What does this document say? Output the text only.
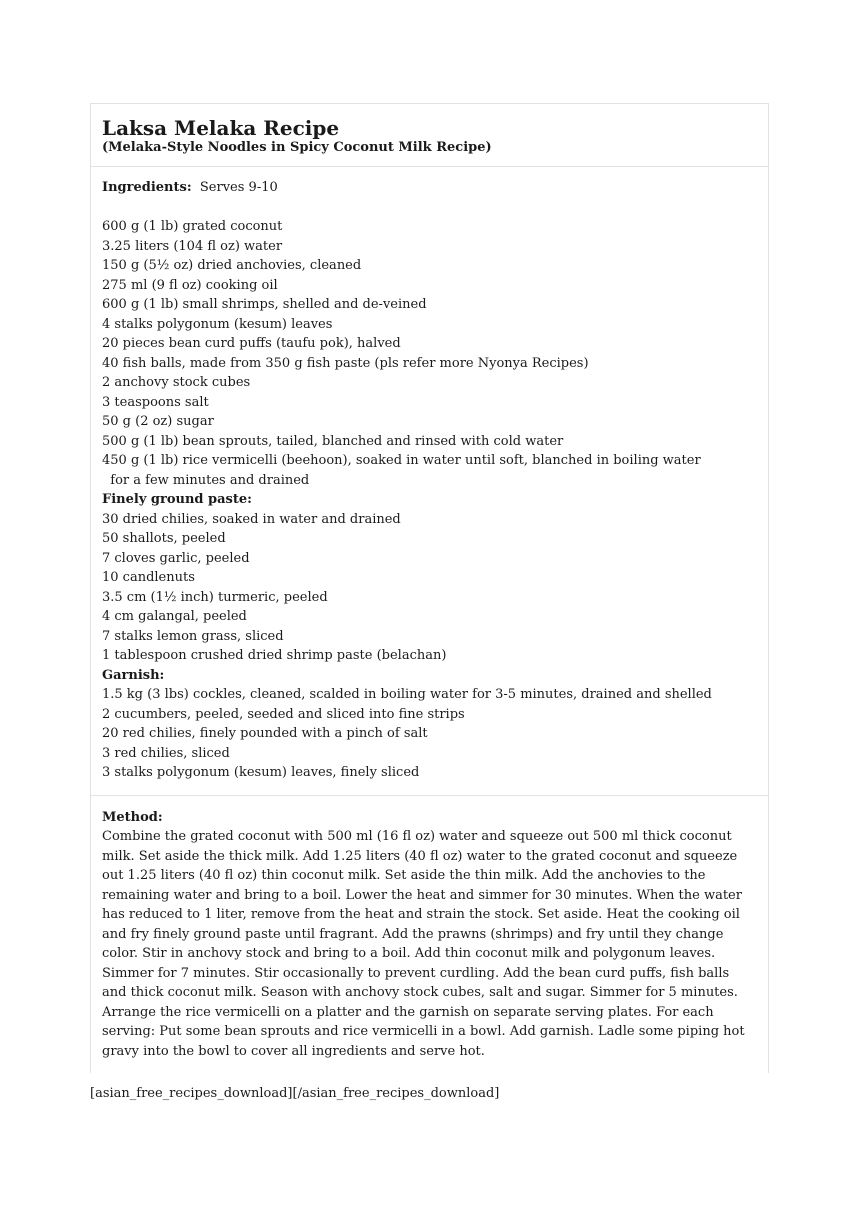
Laksa Melaka Recipe
(Melaka-Style Noodles in Spicy Coconut Milk Recipe)
Ingredients: Serves 9-10
600 g (1 lb) grated coconut
3.25 liters (104 fl oz) water
150 g (5½ oz) dried anchovies, cleaned
275 ml (9 fl oz) cooking oil
600 g (1 lb) small shrimps, shelled and de-veined
4 stalks polygonum (kesum) leaves
20 pieces bean curd puffs (taufu pok), halved
40 fish balls, made from 350 g fish paste (pls refer more Nyonya Recipes)
2 anchovy stock cubes
3 teaspoons salt
50 g (2 oz) sugar
500 g (1 lb) bean sprouts, tailed, blanched and rinsed with cold water
450 g (1 lb) rice vermicelli (beehoon), soaked in water until soft, blanched in boiling water
for a few minutes and drained
Finely ground paste:
30 dried chilies, soaked in water and drained
50 shallots, peeled
7 cloves garlic, peeled
10 candlenuts
3.5 cm (1½ inch) turmeric, peeled
4 cm galangal, peeled
7 stalks lemon grass, sliced
1 tablespoon crushed dried shrimp paste (belachan)
Garnish:
1.5 kg (3 lbs) cockles, cleaned, scalded in boiling water for 3-5 minutes, drained and shelled
2 cucumbers, peeled, seeded and sliced into fine strips
20 red chilies, finely pounded with a pinch of salt
3 red chilies, sliced
3 stalks polygonum (kesum) leaves, finely sliced
Method:

Combine the grated coconut with 500 ml (16 fl oz) water and squeeze out 500 ml thick coconut milk. Set aside the thick milk. Add 1.25 liters (40 fl oz) water to the grated coconut and squeeze out 1.25 liters (40 fl oz) thin coconut milk. Set aside the thin milk. Add the anchovies to the remaining water and bring to a boil. Lower the heat and simmer for 30 minutes. When the water has reduced to 1 liter, remove from the heat and strain the stock. Set aside. Heat the cooking oil and fry finely ground paste until fragrant. Add the prawns (shrimps) and fry until they change color. Stir in anchovy stock and bring to a boil. Add thin coconut milk and polygonum leaves. Simmer for 7 minutes. Stir occasionally to prevent curdling. Add the bean curd puffs, fish balls and thick coconut milk. Season with anchovy stock cubes, salt and sugar. Simmer for 5 minutes. Arrange the rice vermicelli on a platter and the garnish on separate serving plates. For each serving: Put some bean sprouts and rice vermicelli in a bowl. Add garnish. Ladle some piping hot gravy into the bowl to cover all ingredients and serve hot.

[asian_free_recipes_download][/asian_free_recipes_download]
